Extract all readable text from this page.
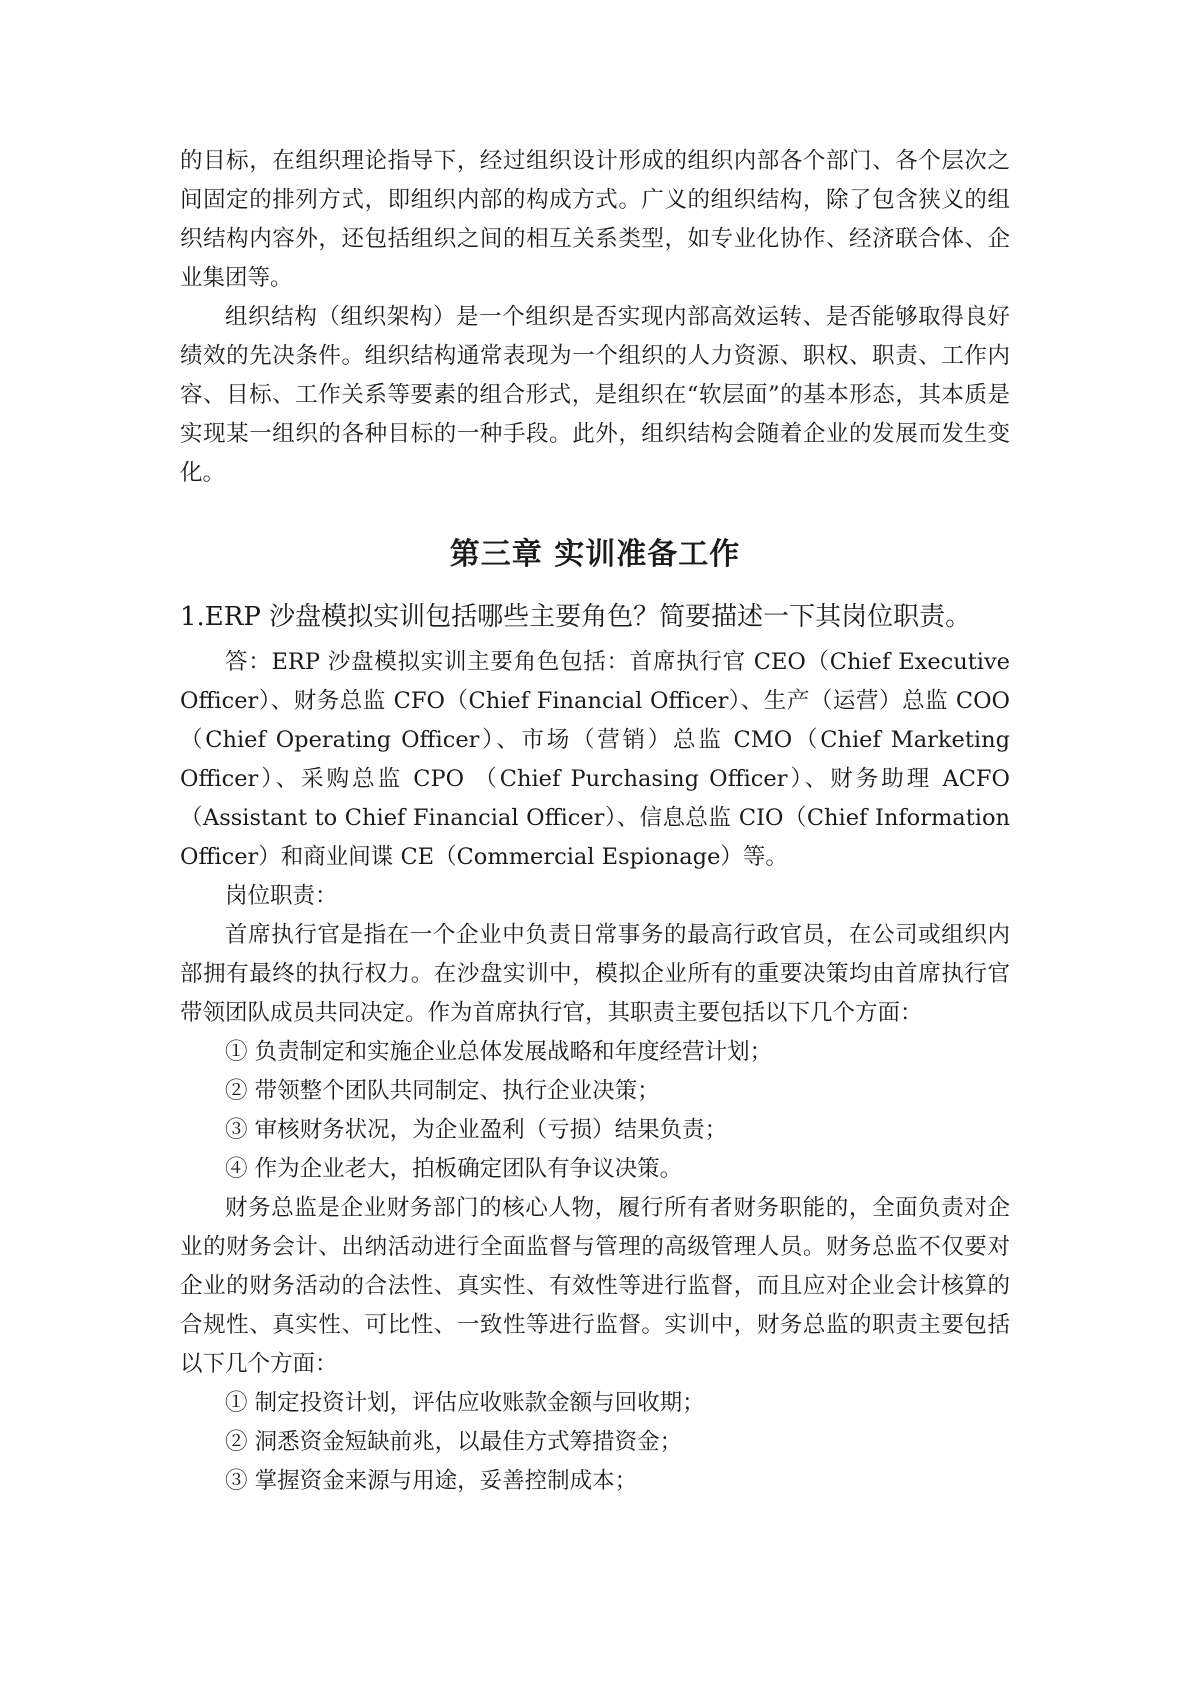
的目标，在组织理论指导下，经过组织设计形成的组织内部各个部门、各个层次之间固定的排列方式，即组织内部的构成方式。广义的组织结构，除了包含狭义的组织结构内容外，还包括组织之间的相互关系类型，如专业化协作、经济联合体、企业集团等。

组织结构（组织架构）是一个组织是否实现内部高效运转、是否能够取得良好绩效的先决条件。组织结构通常表现为一个组织的人力资源、职权、职责、工作内容、目标、工作关系等要素的组合形式，是组织在“软层面”的基本形态，其本质是实现某一组织的各种目标的一种手段。此外，组织结构会随着企业的发展而发生变化。

第三章 实训准备工作

1.ERP 沙盘模拟实训包括哪些主要角色？简要描述一下其岗位职责。

答：ERP 沙盘模拟实训主要角色包括：首席执行官 CEO（Chief Executive Officer）、财务总监 CFO（Chief Financial Officer）、生产（运营）总监 COO（Chief Operating Officer）、市场（营销）总监 CMO（Chief Marketing Officer）、采购总监 CPO （Chief Purchasing Officer）、财务助理 ACFO（Assistant to Chief Financial Officer）、信息总监 CIO（Chief Information Officer）和商业间谍 CE（Commercial Espionage）等。

岗位职责：

首席执行官是指在一个企业中负责日常事务的最高行政官员，在公司或组织内部拥有最终的执行权力。在沙盘实训中，模拟企业所有的重要决策均由首席执行官带领团队成员共同决定。作为首席执行官，其职责主要包括以下几个方面：

① 负责制定和实施企业总体发展战略和年度经营计划；

② 带领整个团队共同制定、执行企业决策；

③ 审核财务状况，为企业盈利（亏损）结果负责；

④ 作为企业老大，拍板确定团队有争议决策。

财务总监是企业财务部门的核心人物，履行所有者财务职能的，全面负责对企业的财务会计、出纳活动进行全面监督与管理的高级管理人员。财务总监不仅要对企业的财务活动的合法性、真实性、有效性等进行监督，而且应对企业会计核算的合规性、真实性、可比性、一致性等进行监督。实训中，财务总监的职责主要包括以下几个方面：

① 制定投资计划，评估应收账款金额与回收期；

② 洞悉资金短缺前兆，以最佳方式筹措资金；

③ 掌握资金来源与用途，妥善控制成本；
